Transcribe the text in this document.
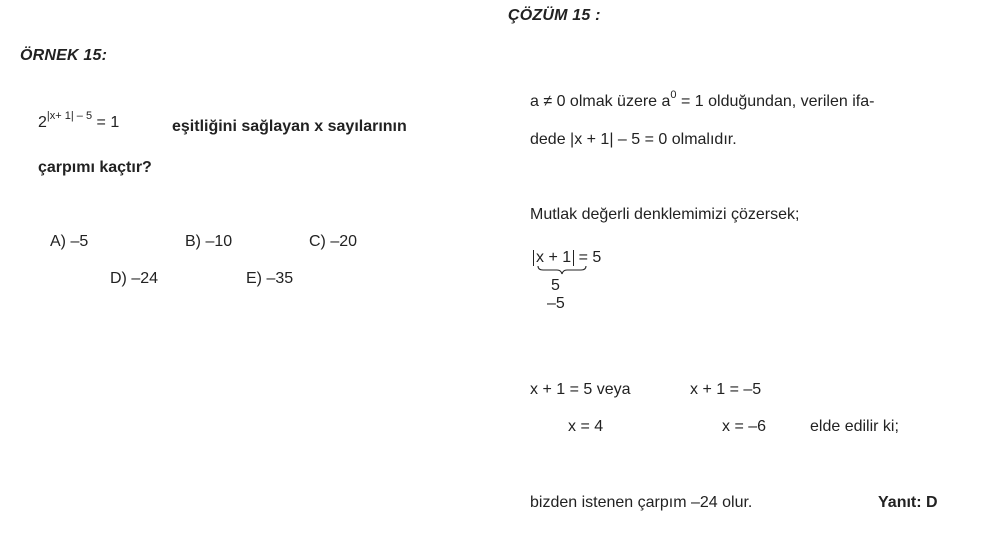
ÖRNEK 15:
$2^{|x+ 1| - 5} = 1$	eşitliğini sağlayan x sayılarının
çarpımı kaçtır?
A) –5	B) –10	C) –20
D) –24	E) –35
ÇÖZÜM 15 :
a ≠ 0 olmak üzere $a^0 = 1$ olduğundan, verilen ifa-
dede |x + 1| – 5 = 0 olmalıdır.
Mutlak değerli denklemimizi çözersek;
x + 1 = 5
5
–5
x + 1 = 5 veya	x + 1 = –5
x = 4	x = –6	elde edilir ki;
bizden istenen çarpım –24 olur.	Yanıt: D
